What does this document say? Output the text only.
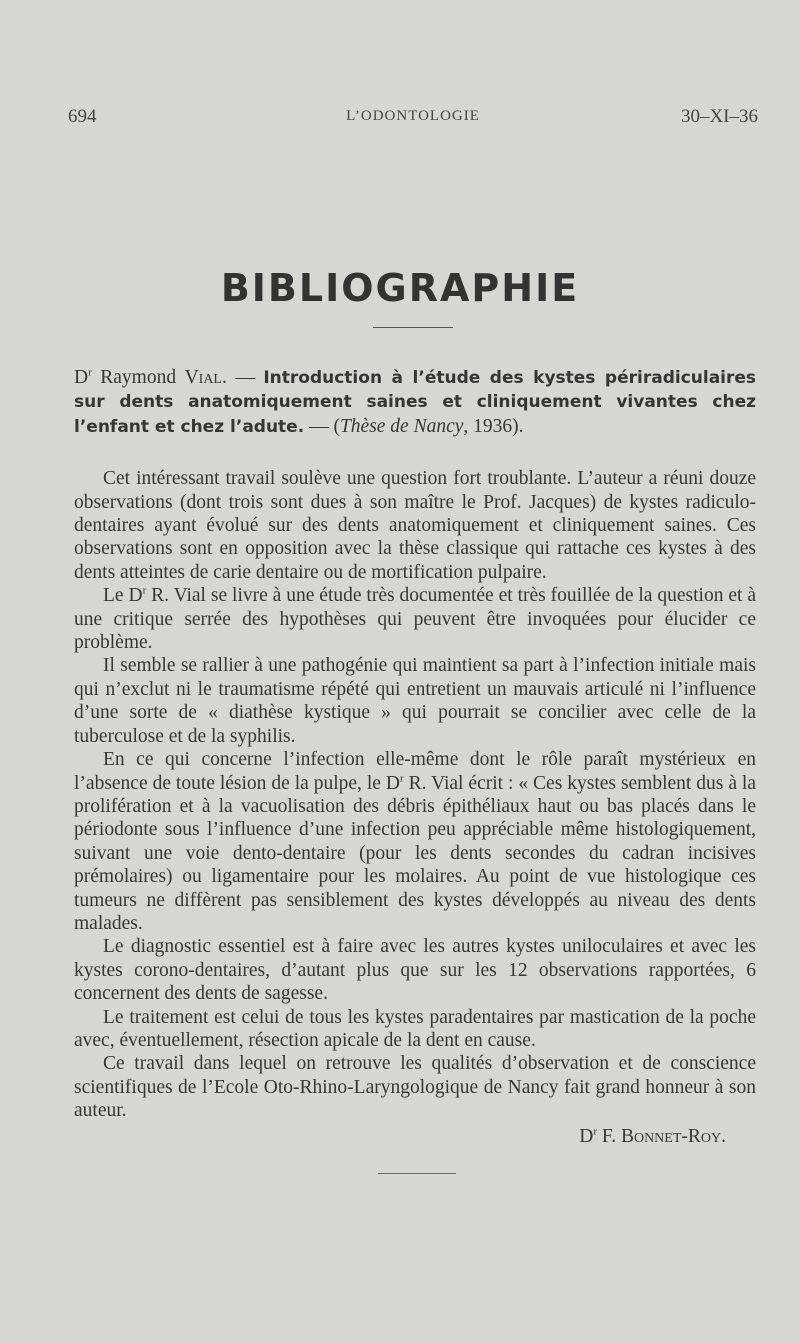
694	L’ODONTOLOGIE	30–XI–36
BIBLIOGRAPHIE

$D^r$ Raymond Vial. — Introduction à l’étude des kystes périradiculaires sur dents anatomiquement saines et cliniquement vivantes chez l’enfant et chez l’adute. — (Thèse de Nancy, 1936).

Cet intéressant travail soulève une question fort troublante. L’auteur a réuni douze observations (dont trois sont dues à son maître le Prof. Jacques) de kystes radiculo-dentaires ayant évolué sur des dents anatomiquement et cliniquement saines. Ces observations sont en opposition avec la thèse classique qui rattache ces kystes à des dents atteintes de carie dentaire ou de mortification pulpaire.

Le $D^r$ R. Vial se livre à une étude très documentée et très fouillée de la question et à une critique serrée des hypothèses qui peuvent être invoquées pour élucider ce problème.

Il semble se rallier à une pathogénie qui maintient sa part à l’infection initiale mais qui n’exclut ni le traumatisme répété qui entretient un mauvais articulé ni l’influence d’une sorte de « diathèse kystique » qui pourrait se concilier avec celle de la tuberculose et de la syphilis.

En ce qui concerne l’infection elle-même dont le rôle paraît mystérieux en l’absence de toute lésion de la pulpe, le $D^r$ R. Vial écrit : « Ces kystes semblent dus à la prolifération et à la vacuolisation des débris épithéliaux haut ou bas placés dans le périodonte sous l’influence d’une infection peu appréciable même histologiquement, suivant une voie dento-dentaire (pour les dents secondes du cadran incisives prémolaires) ou ligamentaire pour les molaires. Au point de vue histologique ces tumeurs ne diffèrent pas sensiblement des kystes développés au niveau des dents malades.

Le diagnostic essentiel est à faire avec les autres kystes uniloculaires et avec les kystes corono-dentaires, d’autant plus que sur les 12 observations rapportées, 6 concernent des dents de sagesse.

Le traitement est celui de tous les kystes paradentaires par mastication de la poche avec, éventuellement, résection apicale de la dent en cause.

Ce travail dans lequel on retrouve les qualités d’observation et de conscience scientifiques de l’Ecole Oto-Rhino-Laryngologique de Nancy fait grand honneur à son auteur.

$D^r$ F. Bonnet-Roy.
